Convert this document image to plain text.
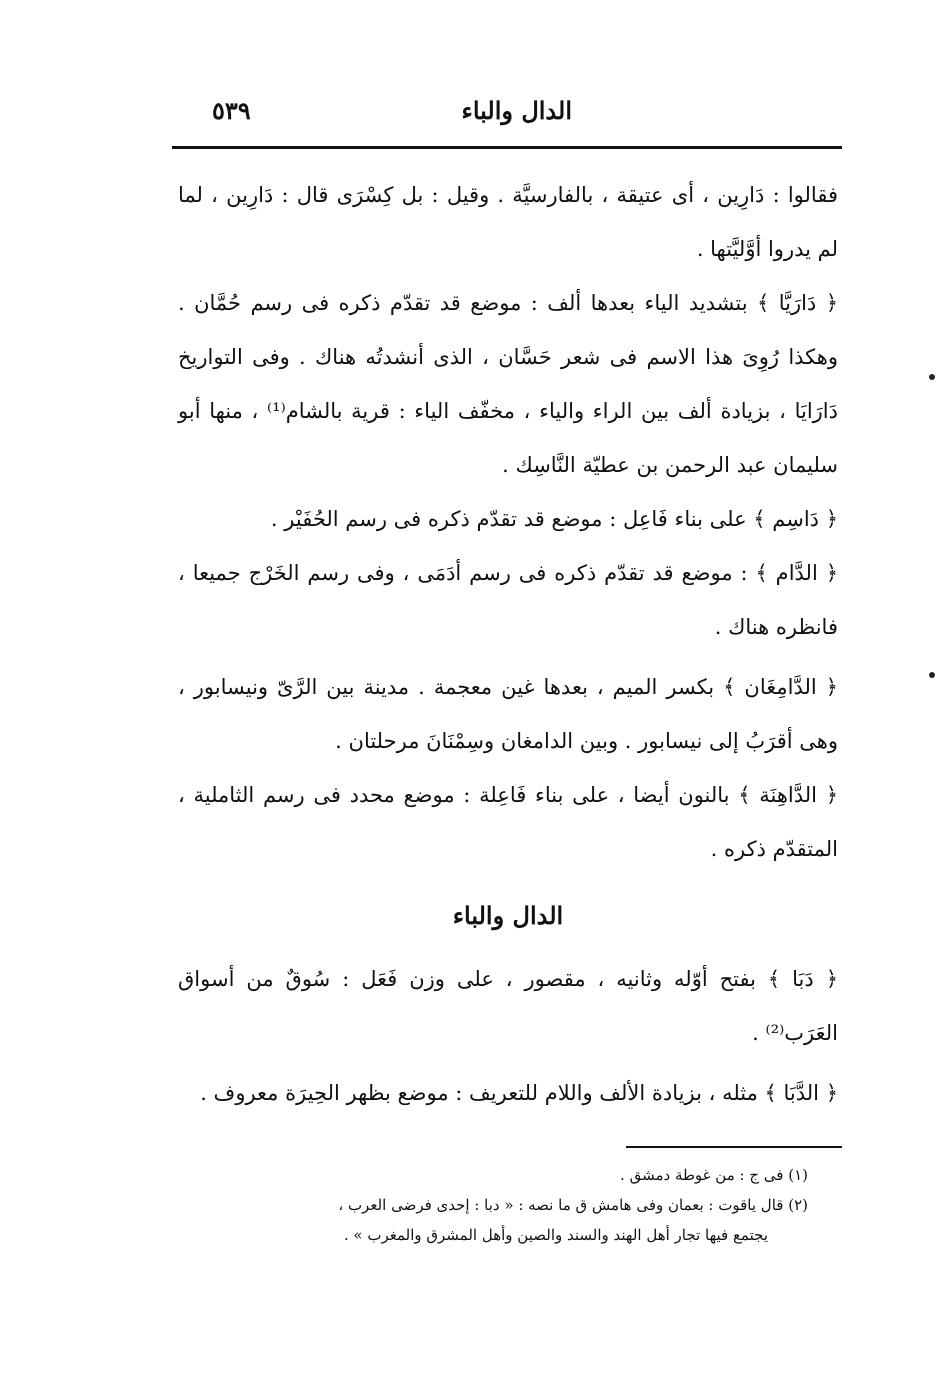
الدال والباء
٥٣٩

فقالوا : دَارِين ، أى عتيقة ، بالفارسيَّة . وقيل : بل كِسْرَى قال : دَارِين ، لما لم يدروا أوَّليَّتها .

﴿ دَارَيَّا ﴾ بتشديد الياء بعدها ألف : موضع قد تقدّم ذكره فى رسم حُمَّان . وهكذا رُوِىَ هذا الاسم فى شعر حَسَّان ، الذى أنشدتُه هناك . وفى التواريخ دَارَايَا ، بزيادة ألف بين الراء والياء ، مخفّف الياء : قرية بالشام⁽¹⁾ ، منها أبو سليمان عبد الرحمن بن عطيّة النَّاسِك .

﴿ دَاسِم ﴾ على بناء فَاعِل : موضع قد تقدّم ذكره فى رسم الحُفَيْر .

﴿ الدَّام ﴾ : موضع قد تقدّم ذكره فى رسم أدَمَى ، وفى رسم الخَرْج جميعا ، فانظره هناك .

﴿ الدَّامِغَان ﴾ بكسر الميم ، بعدها غين معجمة . مدينة بين الرَّىّ ونيسابور ، وهى أقرَبُ إلى نيسابور . وبين الدامغان وسِمْنَانَ مرحلتان .

﴿ الدَّاهِنَة ﴾ بالنون أيضا ، على بناء فَاعِلة : موضع محدد فى رسم الثاملية ، المتقدّم ذكره .

الدال والباء

﴿ دَبَا ﴾ بفتح أوّله وثانيه ، مقصور ، على وزن فَعَل : سُوقٌ من أسواق العَرَب⁽²⁾ .

﴿ الدَّبَا ﴾ مثله ، بزيادة الألف واللام للتعريف : موضع بظهر الحِيرَة معروف .

(١) فى ج : من غوطة دمشق .

(٢) قال ياقوت : بعمان وفى هامش ق ما نصه : « دبا : إحدى فرضى العرب ،

يجتمع فيها تجار أهل الهند والسند والصين وأهل المشرق والمغرب » .
